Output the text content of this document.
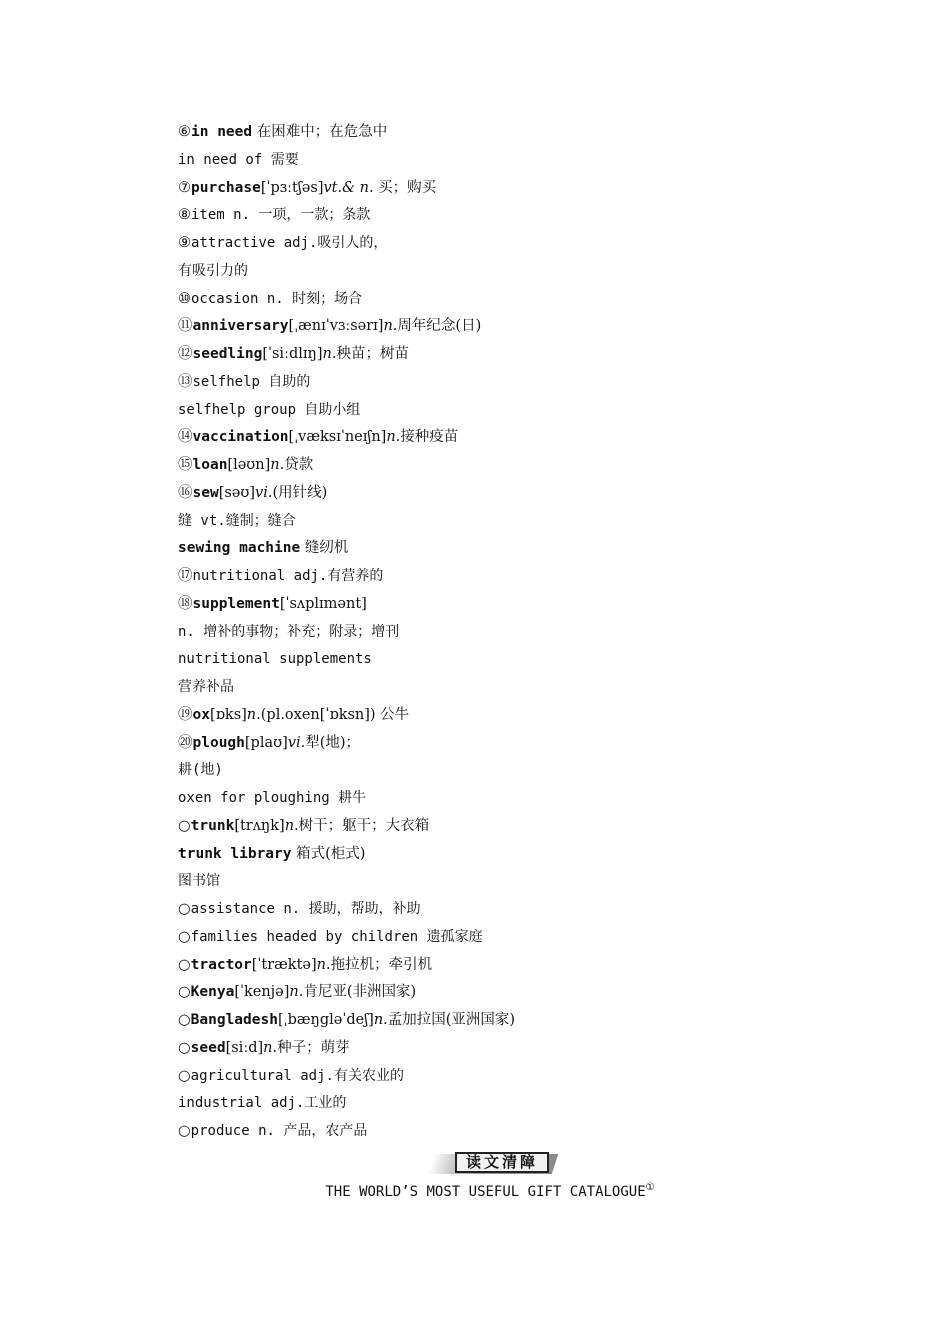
⑥in need 在困难中；在危急中
in need of 需要
⑦purchase[ˈpɜːtʃəs]vt.& n. 买；购买
⑧item n. 一项，一款；条款
⑨attractive adj.吸引人的，
有吸引力的
⑩occasion n. 时刻；场合
⑪anniversary[ˌænɪˈvɜːsərɪ]n.周年纪念(日)
⑫seedling[ˈsiːdlɪŋ]n.秧苗；树苗
⑬selfhelp 自助的
selfhelp group 自助小组
⑭vaccination[ˌvæksɪˈneɪʃn]n.接种疫苗
⑮loan[ləʊn]n.贷款
⑯sew[səʊ]vi.(用针线)
缝 vt.缝制；缝合
sewing machine 缝纫机
⑰nutritional adj.有营养的
⑱supplement[ˈsʌplɪmənt]
n. 增补的事物；补充；附录；增刊
nutritional supplements
营养补品
⑲ox[ɒks]n.(pl.oxen[ˈɒksn]) 公牛
⑳plough[plaʊ]vi.犁(地)；
耕(地)
oxen for ploughing 耕牛
○trunk[trʌŋk]n.树干；躯干；大衣箱
trunk library 箱式(柜式)
图书馆
○assistance n. 援助，帮助，补助
○families headed by children 遗孤家庭
○tractor[ˈtræktə]n.拖拉机；牵引机
○Kenya[ˈkenjə]n.肯尼亚(非洲国家)
○Bangladesh[ˌbæŋgləˈdeʃ]n.孟加拉国(亚洲国家)
○seed[siːd]n.种子；萌芽
○agricultural adj.有关农业的
industrial adj.工业的
○produce n. 产品，农产品
读文清障
THE WORLD’S MOST USEFUL GIFT CATALOGUE①
